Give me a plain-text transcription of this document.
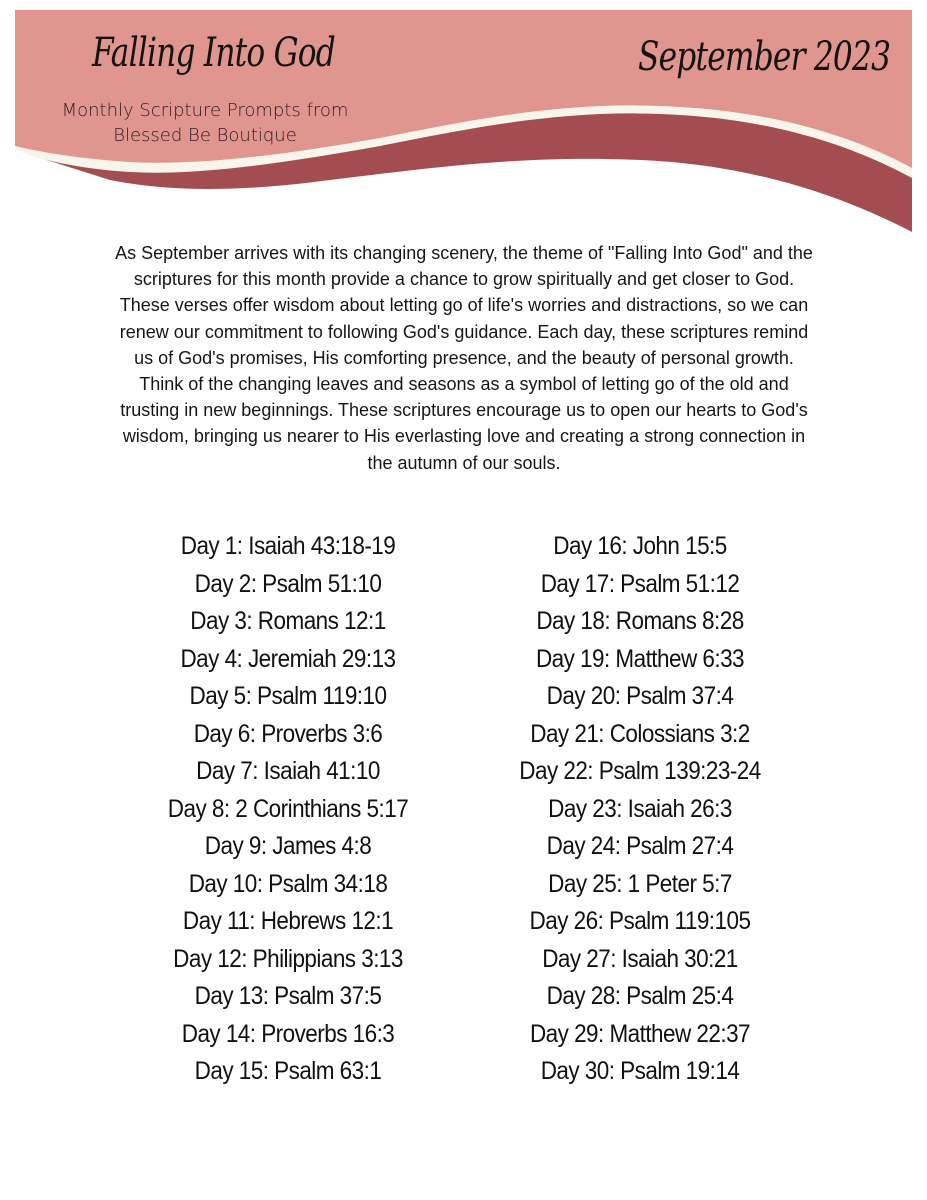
Falling Into God
Monthly Scripture Prompts from
Blessed Be Boutique
September 2023
As September arrives with its changing scenery, the theme of "Falling Into God" and the
scriptures for this month provide a chance to grow spiritually and get closer to God.
These verses offer wisdom about letting go of life's worries and distractions, so we can
renew our commitment to following God's guidance. Each day, these scriptures remind
us of God's promises, His comforting presence, and the beauty of personal growth.
Think of the changing leaves and seasons as a symbol of letting go of the old and
trusting in new beginnings. These scriptures encourage us to open our hearts to God's
wisdom, bringing us nearer to His everlasting love and creating a strong connection in
the autumn of our souls.
Day 1: Isaiah 43:18-19
Day 2: Psalm 51:10
Day 3: Romans 12:1
Day 4: Jeremiah 29:13
Day 5: Psalm 119:10
Day 6: Proverbs 3:6
Day 7: Isaiah 41:10
Day 8: 2 Corinthians 5:17
Day 9: James 4:8
Day 10: Psalm 34:18
Day 11: Hebrews 12:1
Day 12: Philippians 3:13
Day 13: Psalm 37:5
Day 14: Proverbs 16:3
Day 15: Psalm 63:1
Day 16: John 15:5
Day 17: Psalm 51:12
Day 18: Romans 8:28
Day 19: Matthew 6:33
Day 20: Psalm 37:4
Day 21: Colossians 3:2
Day 22: Psalm 139:23-24
Day 23: Isaiah 26:3
Day 24: Psalm 27:4
Day 25: 1 Peter 5:7
Day 26: Psalm 119:105
Day 27: Isaiah 30:21
Day 28: Psalm 25:4
Day 29: Matthew 22:37
Day 30: Psalm 19:14
